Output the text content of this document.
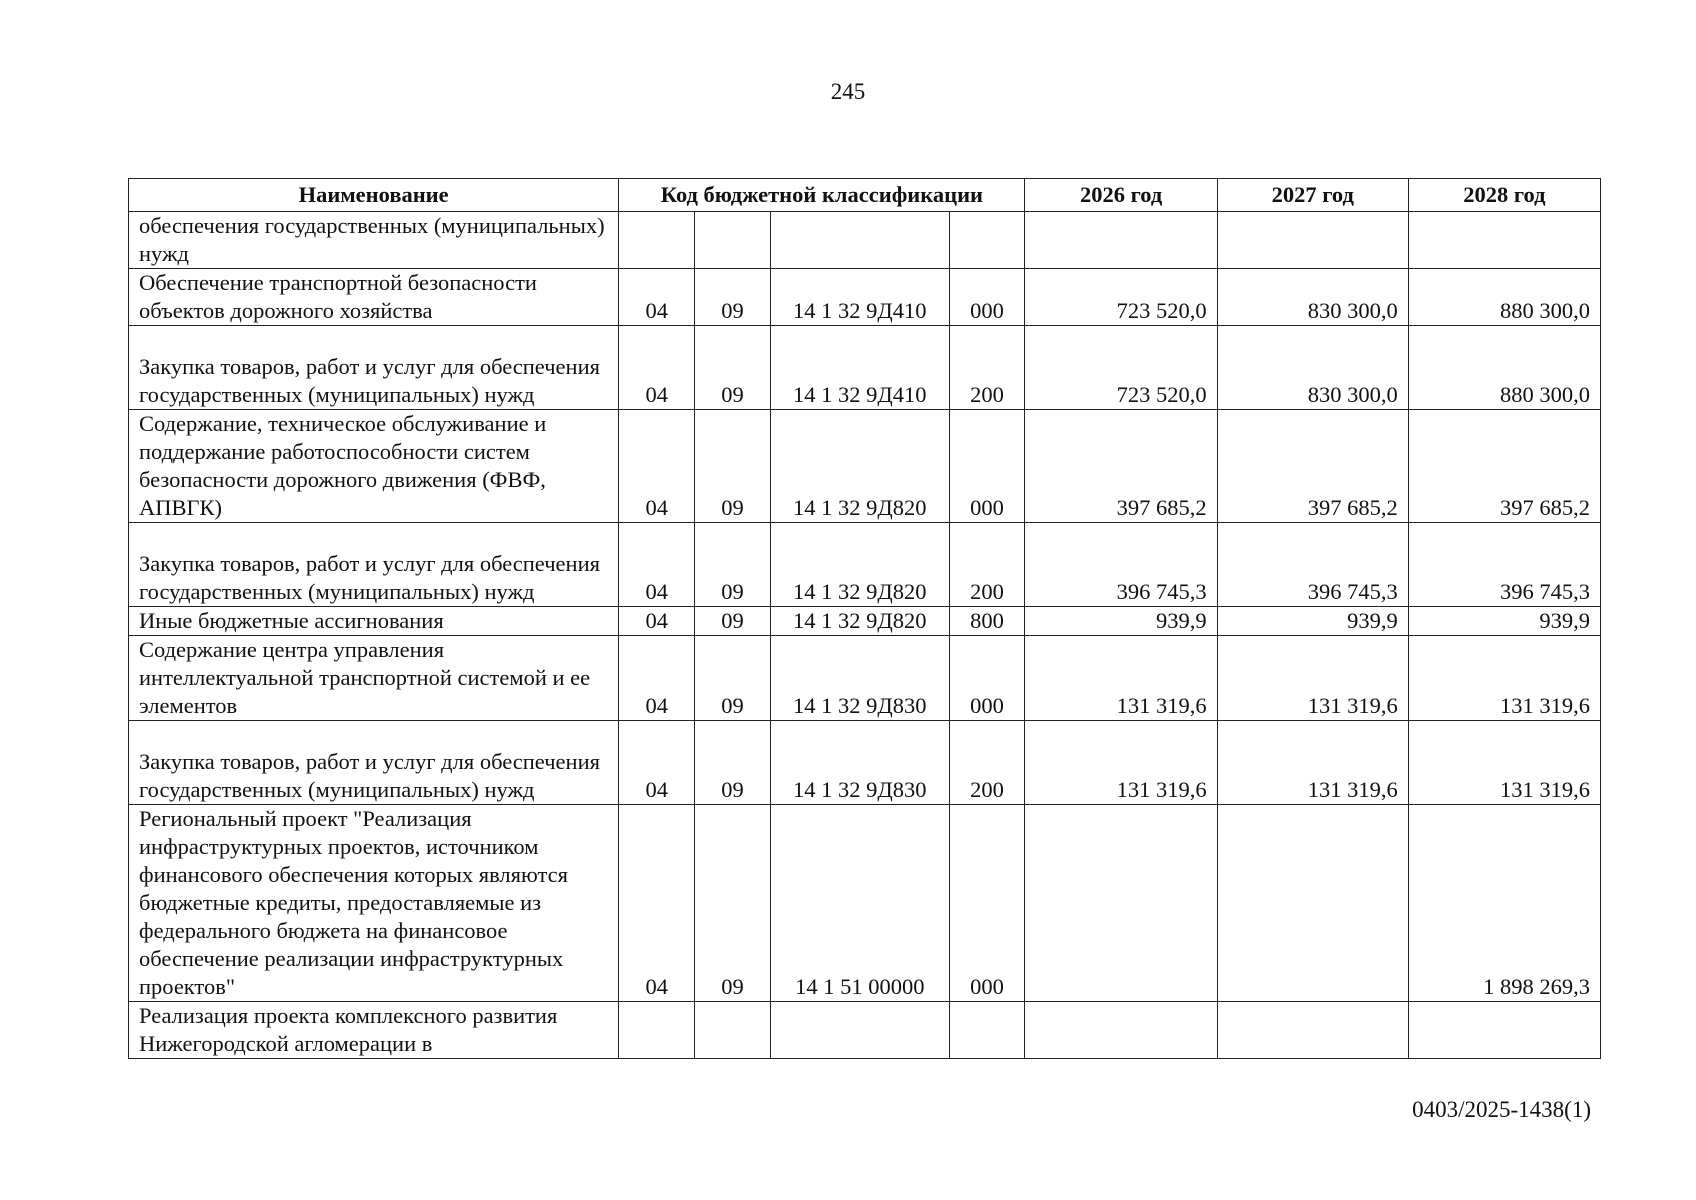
245
Наименование	Код бюджетной классификации				2026 год	2027 год	2028 год
обеспечения государственных (муниципальных) нужд							
Обеспечение транспортной безопасности объектов дорожного хозяйства	04	09	14 1 32 9Д410	000	723 520,0	830 300,0	880 300,0
Закупка товаров, работ и услуг для обеспечения государственных (муниципальных) нужд	04	09	14 1 32 9Д410	200	723 520,0	830 300,0	880 300,0
Содержание, техническое обслуживание и поддержание работоспособности систем безопасности дорожного движения (ФВФ, АПВГК)	04	09	14 1 32 9Д820	000	397 685,2	397 685,2	397 685,2
Закупка товаров, работ и услуг для обеспечения государственных (муниципальных) нужд	04	09	14 1 32 9Д820	200	396 745,3	396 745,3	396 745,3
Иные бюджетные ассигнования	04	09	14 1 32 9Д820	800	939,9	939,9	939,9
Содержание центра управления интеллектуальной транспортной системой и ее элементов	04	09	14 1 32 9Д830	000	131 319,6	131 319,6	131 319,6
Закупка товаров, работ и услуг для обеспечения государственных (муниципальных) нужд	04	09	14 1 32 9Д830	200	131 319,6	131 319,6	131 319,6
Региональный проект "Реализация инфраструктурных проектов, источником финансового обеспечения которых являются бюджетные кредиты, предоставляемые из федерального бюджета на финансовое обеспечение реализации инфраструктурных проектов"	04	09	14 1 51 00000	000			1 898 269,3
Реализация проекта комплексного развития Нижегородской агломерации в							
0403/2025-1438(1)
